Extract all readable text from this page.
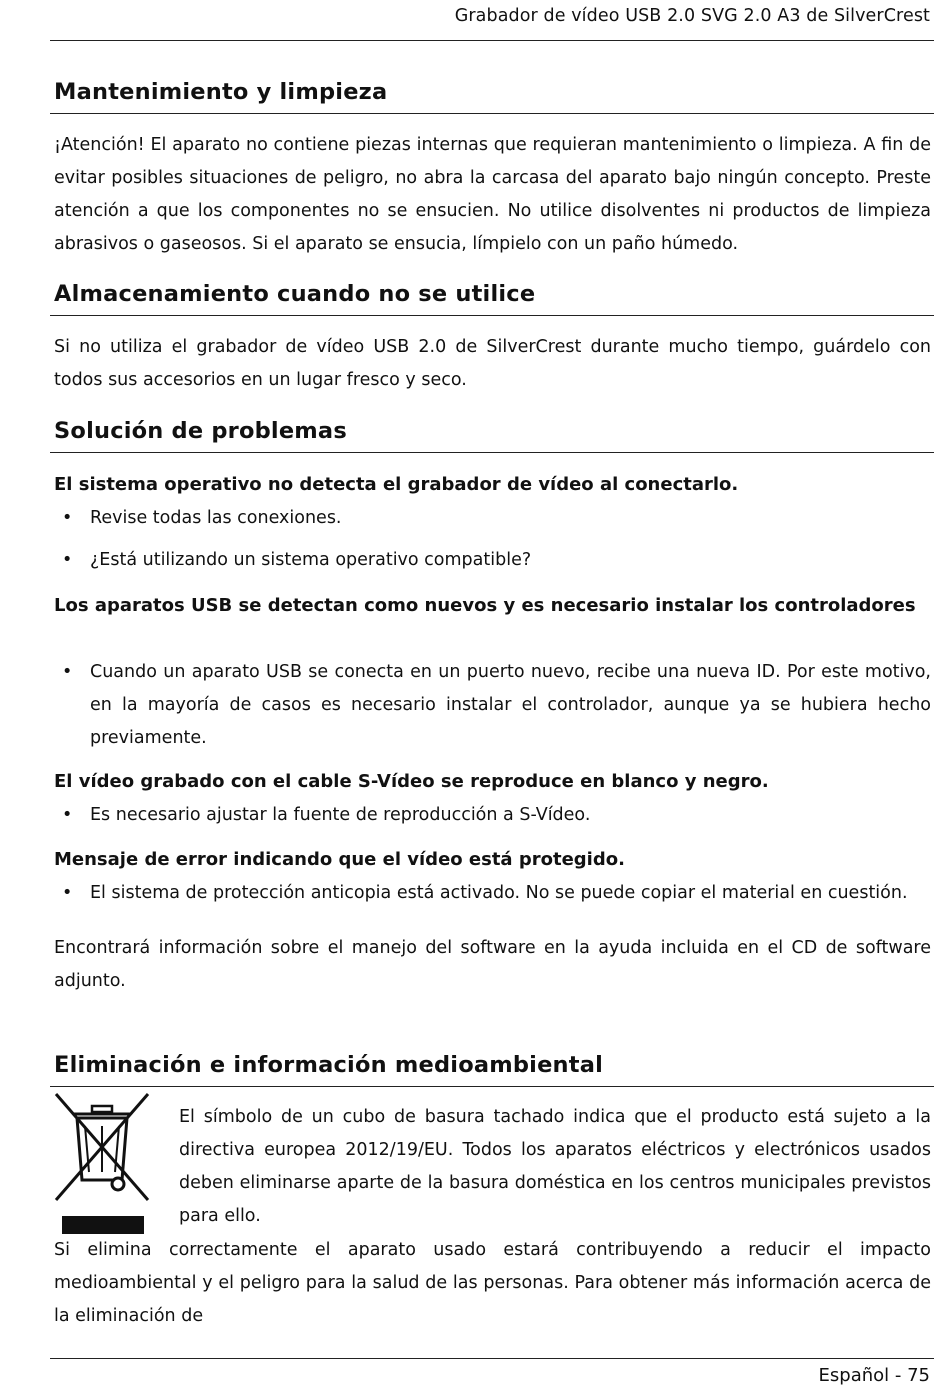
Grabador de vídeo USB 2.0 SVG 2.0 A3 de SilverCrest
Mantenimiento y limpieza

¡Atención! El aparato no contiene piezas internas que requieran mantenimiento o limpieza. A fin de evitar posibles situaciones de peligro, no abra la carcasa del aparato bajo ningún concepto. Preste atención a que los componentes no se ensucien. No utilice disolventes ni productos de limpieza abrasivos o gaseosos. Si el aparato se ensucia, límpielo con un paño húmedo.

Almacenamiento cuando no se utilice

Si no utiliza el grabador de vídeo USB 2.0 de SilverCrest durante mucho tiempo, guárdelo con todos sus accesorios en un lugar fresco y seco.

Solución de problemas

El sistema operativo no detecta el grabador de vídeo al conectarlo.

•	Revise todas las conexiones.
•	¿Está utilizando un sistema operativo compatible?

Los aparatos USB se detectan como nuevos y es necesario instalar los controladores

•	Cuando un aparato USB se conecta en un puerto nuevo, recibe una nueva ID. Por este motivo, en la mayoría de casos es necesario instalar el controlador, aunque ya se hubiera hecho previamente.

El vídeo grabado con el cable S-Vídeo se reproduce en blanco y negro.

•	Es necesario ajustar la fuente de reproducción a S-Vídeo.

Mensaje de error indicando que el vídeo está protegido.

•	El sistema de protección anticopia está activado. No se puede copiar el material en cuestión.

Encontrará información sobre el manejo del software en la ayuda incluida en el CD de software adjunto.

Eliminación e información medioambiental

El símbolo de un cubo de basura tachado indica que el producto está sujeto a la directiva europea 2012/19/EU. Todos los aparatos eléctricos y electrónicos usados deben eliminarse aparte de la basura doméstica en los centros municipales previstos para ello.

Si elimina correctamente el aparato usado estará contribuyendo a reducir el impacto medioambiental y el peligro para la salud de las personas. Para obtener más información acerca de la eliminación de

Español - 75
